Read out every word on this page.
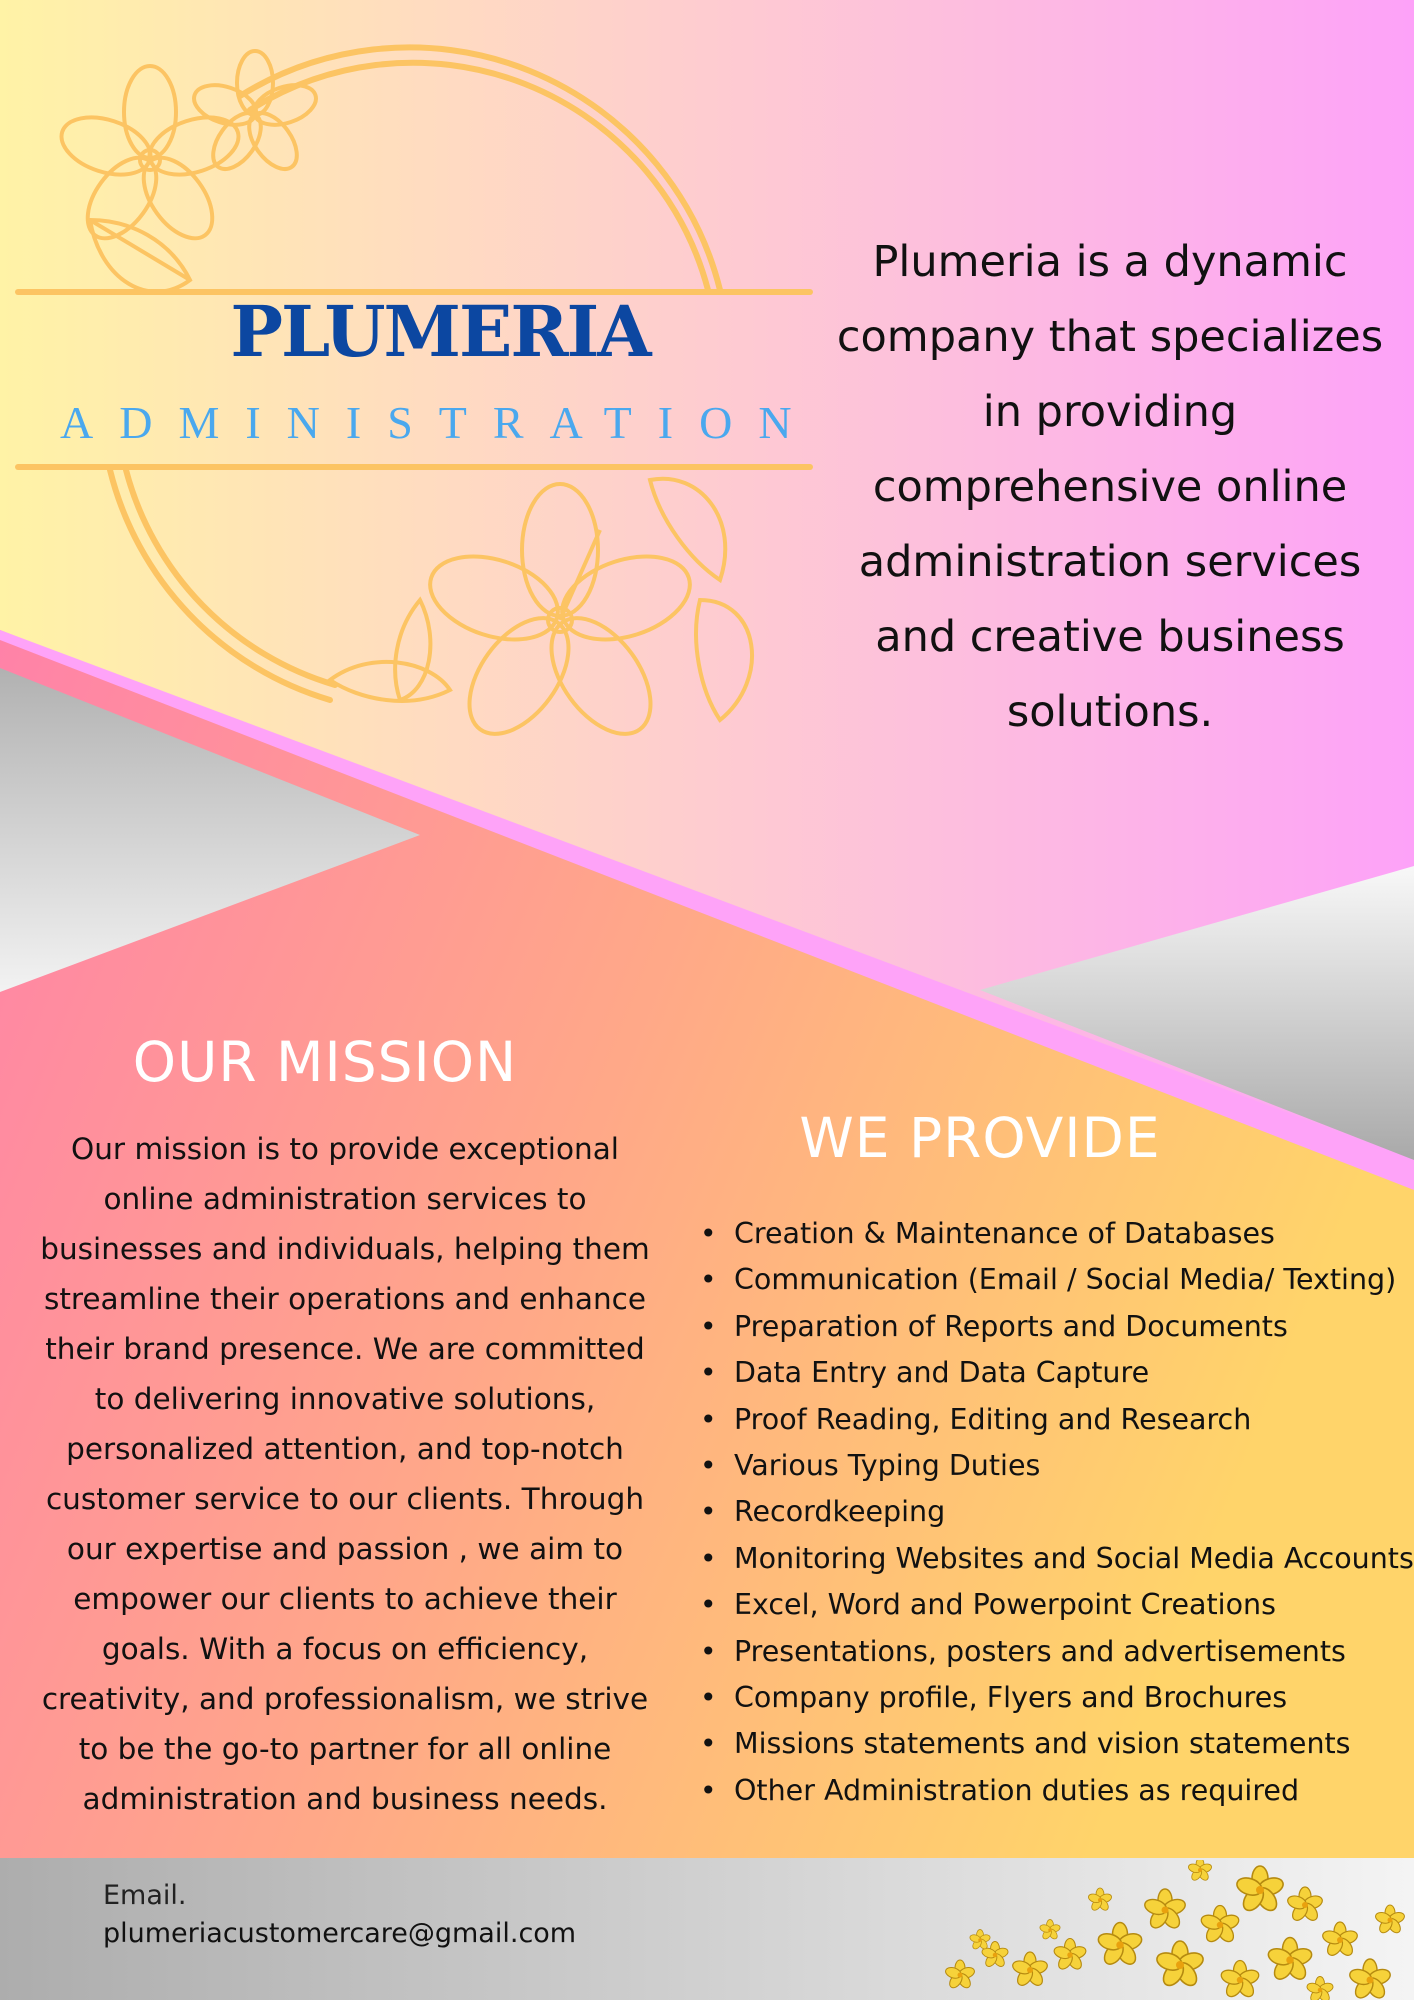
PLUMERIA
ADMINISTRATION
Plumeria is a dynamic company that specializes in providing comprehensive online administration services and creative business solutions.
OUR MISSION
Our mission is to provide exceptional online administration services to businesses and individuals, helping them streamline their operations and enhance their brand presence. We are committed to delivering innovative solutions, personalized attention, and top-notch customer service to our clients. Through our expertise and passion , we aim to empower our clients to achieve their goals. With a focus on efficiency, creativity, and professionalism, we strive to be the go-to partner for all online administration and business needs.
WE PROVIDE
• Creation & Maintenance of Databases
• Communication (Email / Social Media/ Texting)
• Preparation of Reports and Documents
• Data Entry and Data Capture
• Proof Reading, Editing and Research
• Various Typing Duties
• Recordkeeping
• Monitoring Websites and Social Media Accounts
• Excel, Word and Powerpoint Creations
• Presentations, posters and advertisements
• Company profile, Flyers and Brochures
• Missions statements and vision statements
• Other Administration duties as required
Email.
plumeriacustomercare@gmail.com
